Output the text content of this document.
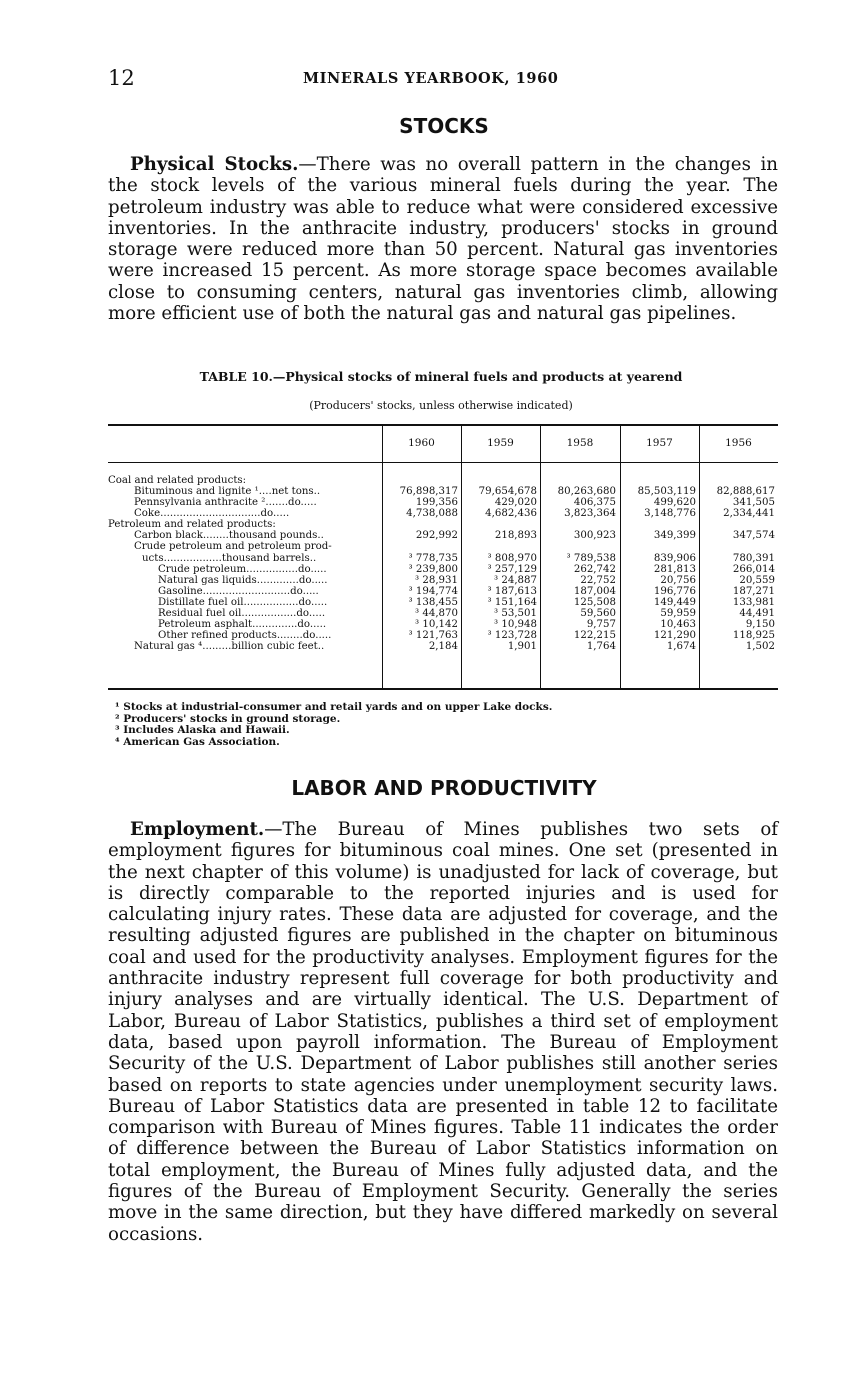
12	MINERALS YEARBOOK, 1960
STOCKS

Physical Stocks.—There was no overall pattern in the changes in the stock levels of the various mineral fuels during the year. The petroleum industry was able to reduce what were considered excessive inventories. In the anthracite industry, producers' stocks in ground storage were reduced more than 50 percent. Natural gas inventories were increased 15 percent. As more storage space becomes available close to consuming centers, natural gas inventories climb, allowing more efficient use of both the natural gas and natural gas pipelines.

TABLE 10.—Physical stocks of mineral fuels and products at yearend
(Producers' stocks, unless otherwise indicated)
1960	1959	1958	1957	1956
Coal and related products:
Bituminous and lignite ¹....net tons..	76,898,317	79,654,678	80,263,680	85,503,119	82,888,617
Pennsylvania anthracite ².......do.....	199,356	429,020	406,375	499,620	341,505
Coke...............................do.....	4,738,088	4,682,436	3,823,364	3,148,776	2,334,441
Petroleum and related products:
Carbon black........thousand pounds..	292,992	218,893	300,923	349,399	347,574
Crude petroleum and petroleum prod-
ucts..................thousand barrels..	³ 778,735	³ 808,970	³ 789,538	839,906	780,391
Crude petroleum................do.....	³ 239,800	³ 257,129	262,742	281,813	266,014
Natural gas liquids.............do.....	³ 28,931	³ 24,887	22,752	20,756	20,559
Gasoline...........................do.....	³ 194,774	³ 187,613	187,004	196,776	187,271
Distillate fuel oil.................do.....	³ 138,455	³ 151,164	125,508	149,449	133,981
Residual fuel oil.................do.....	³ 44,870	³ 53,501	59,560	59,959	44,491
Petroleum asphalt..............do.....	³ 10,142	³ 10,948	9,757	10,463	9,150
Other refined products........do.....	³ 121,763	³ 123,728	122,215	121,290	118,925
Natural gas ⁴.........billion cubic feet..	2,184	1,901	1,764	1,674	1,502
¹ Stocks at industrial-consumer and retail yards and on upper Lake docks.
² Producers' stocks in ground storage.
³ Includes Alaska and Hawaii.
⁴ American Gas Association.
LABOR AND PRODUCTIVITY

Employment.—The Bureau of Mines publishes two sets of employment figures for bituminous coal mines. One set (presented in the next chapter of this volume) is unadjusted for lack of coverage, but is directly comparable to the reported injuries and is used for calculating injury rates. These data are adjusted for coverage, and the resulting adjusted figures are published in the chapter on bituminous coal and used for the productivity analyses. Employment figures for the anthracite industry represent full coverage for both productivity and injury analyses and are virtually identical. The U.S. Department of Labor, Bureau of Labor Statistics, publishes a third set of employment data, based upon payroll information. The Bureau of Employment Security of the U.S. Department of Labor publishes still another series based on reports to state agencies under unemployment security laws. Bureau of Labor Statistics data are presented in table 12 to facilitate comparison with Bureau of Mines figures. Table 11 indicates the order of difference between the Bureau of Labor Statistics information on total employment, the Bureau of Mines fully adjusted data, and the figures of the Bureau of Employment Security. Generally the series move in the same direction, but they have differed markedly on several occasions.
